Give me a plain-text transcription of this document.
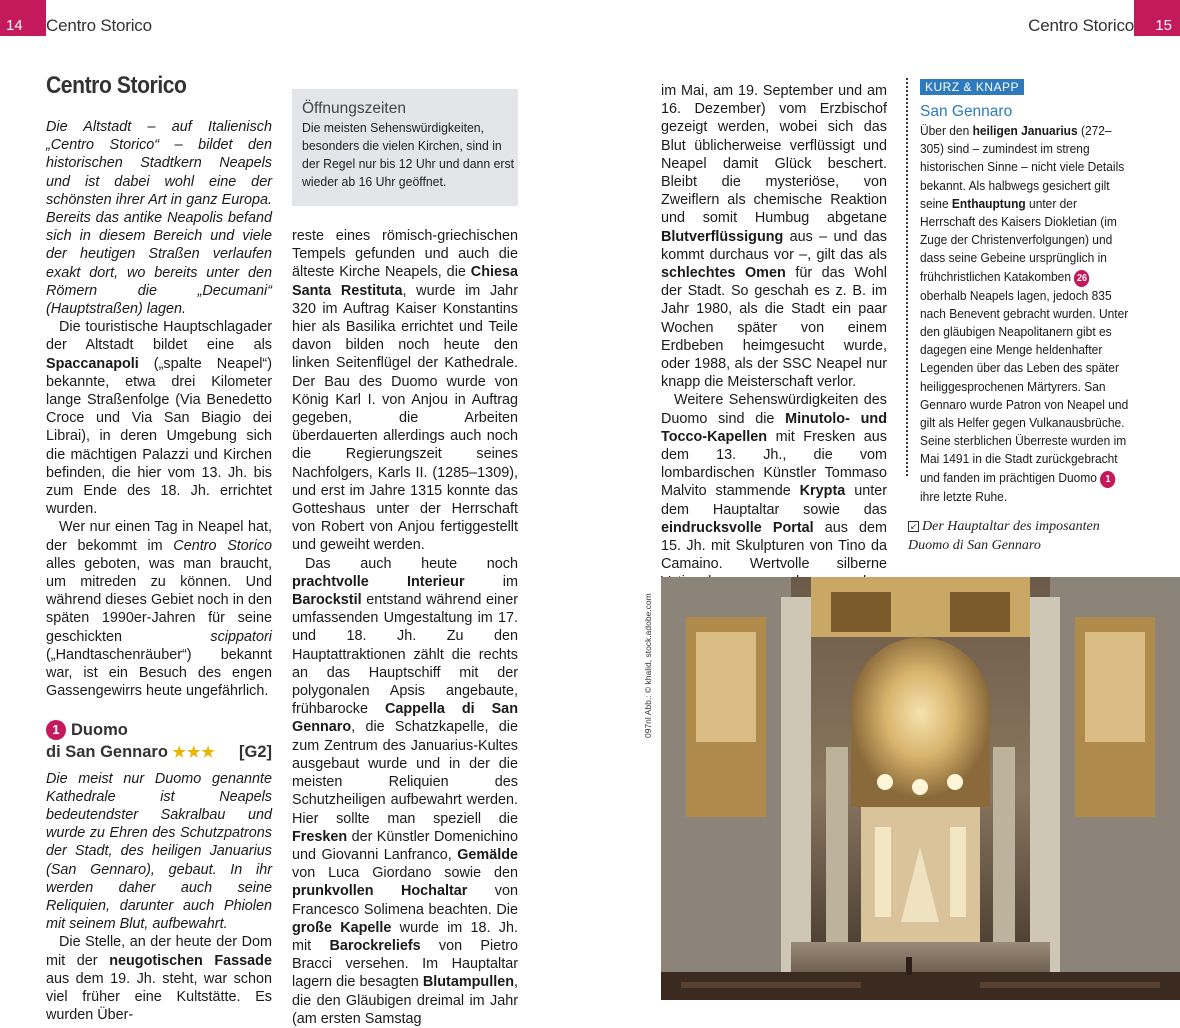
14 Centro Storico	Centro Storico 15
Centro Storico

Die Altstadt – auf Italienisch „Centro Storico“ – bildet den historischen Stadtkern Neapels und ist dabei wohl eine der schönsten ihrer Art in ganz Europa. Bereits das antike Neapolis befand sich in diesem Bereich und viele der heutigen Straßen verlaufen exakt dort, wo bereits unter den Römern die „Decumani“ (Hauptstraßen) lagen.

Die touristische Hauptschlagader der Altstadt bildet eine als Spaccanapoli („spalte Neapel“) bekannte, etwa drei Kilometer lange Straßenfolge (Via Benedetto Croce und Via San Biagio dei Librai), in deren Umgebung sich die mächtigen Palazzi und Kirchen befinden, die hier vom 13. Jh. bis zum Ende des 18. Jh. errichtet wurden.

Wer nur einen Tag in Neapel hat, der bekommt im Centro Storico alles geboten, was man braucht, um mitreden zu können. Und während dieses Gebiet noch in den späten 1990er-Jahren für seine geschickten scippatori („Handtaschenräuber“) bekannt war, ist ein Besuch des engen Gassengewirrs heute ungefährlich.

1 Duomo
di San Gennaro ★★★ [G2]

Die meist nur Duomo genannte Kathedrale ist Neapels bedeutendster Sakralbau und wurde zu Ehren des Schutzpatrons der Stadt, des heiligen Januarius (San Gennaro), gebaut. In ihr werden daher auch seine Reliquien, darunter auch Phiolen mit seinem Blut, aufbewahrt.

Die Stelle, an der heute der Dom mit der neugotischen Fassade aus dem 19. Jh. steht, war schon viel früher eine Kultstätte. Es wurden Über-

Öffnungszeiten

Die meisten Sehenswürdigkeiten, besonders die vielen Kirchen, sind in der Regel nur bis 12 Uhr und dann erst wieder ab 16 Uhr geöffnet.

reste eines römisch-griechischen Tempels gefunden und auch die älteste Kirche Neapels, die Chiesa Santa Restituta, wurde im Jahr 320 im Auftrag Kaiser Konstantins hier als Basilika errichtet und Teile davon bilden noch heute den linken Seitenflügel der Kathedrale. Der Bau des Duomo wurde von König Karl I. von Anjou in Auftrag gegeben, die Arbeiten überdauerten allerdings auch noch die Regierungszeit seines Nachfolgers, Karls II. (1285–1309), und erst im Jahre 1315 konnte das Gotteshaus unter der Herrschaft von Robert von Anjou fertiggestellt und geweiht werden.

Das auch heute noch prachtvolle Interieur im Barockstil entstand während einer umfassenden Umgestaltung im 17. und 18. Jh. Zu den Hauptattraktionen zählt die rechts an das Hauptschiff mit der polygonalen Apsis angebaute, frühbarocke Cappella di San Gennaro, die Schatzkapelle, die zum Zentrum des Januarius-Kultes ausgebaut wurde und in der die meisten Reliquien des Schutzheiligen aufbewahrt werden. Hier sollte man speziell die Fresken der Künstler Domenichino und Giovanni Lanfranco, Gemälde von Luca Giordano sowie den prunkvollen Hochaltar von Francesco Solimena beachten. Die große Kapelle wurde im 18. Jh. mit Barockreliefs von Pietro Bracci versehen. Im Hauptaltar lagern die besagten Blutampullen, die den Gläubigen dreimal im Jahr (am ersten Samstag

im Mai, am 19. September und am 16. Dezember) vom Erzbischof gezeigt werden, wobei sich das Blut üblicherweise verflüssigt und Neapel damit Glück beschert. Bleibt die mysteriöse, von Zweiflern als chemische Reaktion und somit Humbug abgetane Blutverflüssigung aus – und das kommt durchaus vor –, gilt das als schlechtes Omen für das Wohl der Stadt. So geschah es z. B. im Jahr 1980, als die Stadt ein paar Wochen später von einem Erdbeben heimgesucht wurde, oder 1988, als der SSC Neapel nur knapp die Meisterschaft verlor.

Weitere Sehenswürdigkeiten des Duomo sind die Minutolo- und Tocco-Kapellen mit Fresken aus dem 13. Jh., die vom lombardischen Künstler Tommaso Malvito stammende Krypta unter dem Hauptaltar sowie das eindrucksvolle Portal aus dem 15. Jh. mit Skulpturen von Tino da Camaino. Wertvolle silberne

KURZ & KNAPP
San Gennaro

Über den heiligen Januarius (272–305) sind – zumindest im streng historischen Sinne – nicht viele Details bekannt. Als halbwegs gesichert gilt seine Enthauptung unter der Herrschaft des Kaisers Diokletian (im Zuge der Christenverfolgungen) und dass seine Gebeine ursprünglich in frühchristlichen Katakomben 26 oberhalb Neapels lagen, jedoch 835 nach Benevent gebracht wurden. Unter den gläubigen Neapolitanern gibt es dagegen eine Menge heldenhafter Legenden über das Leben des später heiliggesprochenen Märtyrers. San Gennaro wurde Patron von Neapel und gilt als Helfer gegen Vulkanausbrüche. Seine sterblichen Überreste wurden im Mai 1491 in die Stadt zurückgebracht und fanden im prächtigen Duomo 1 ihre letzte Ruhe.

↙ Der Hauptaltar des imposanten Duomo di San Gennaro
097nl Abb.: © khalid, stock.adobe.com
